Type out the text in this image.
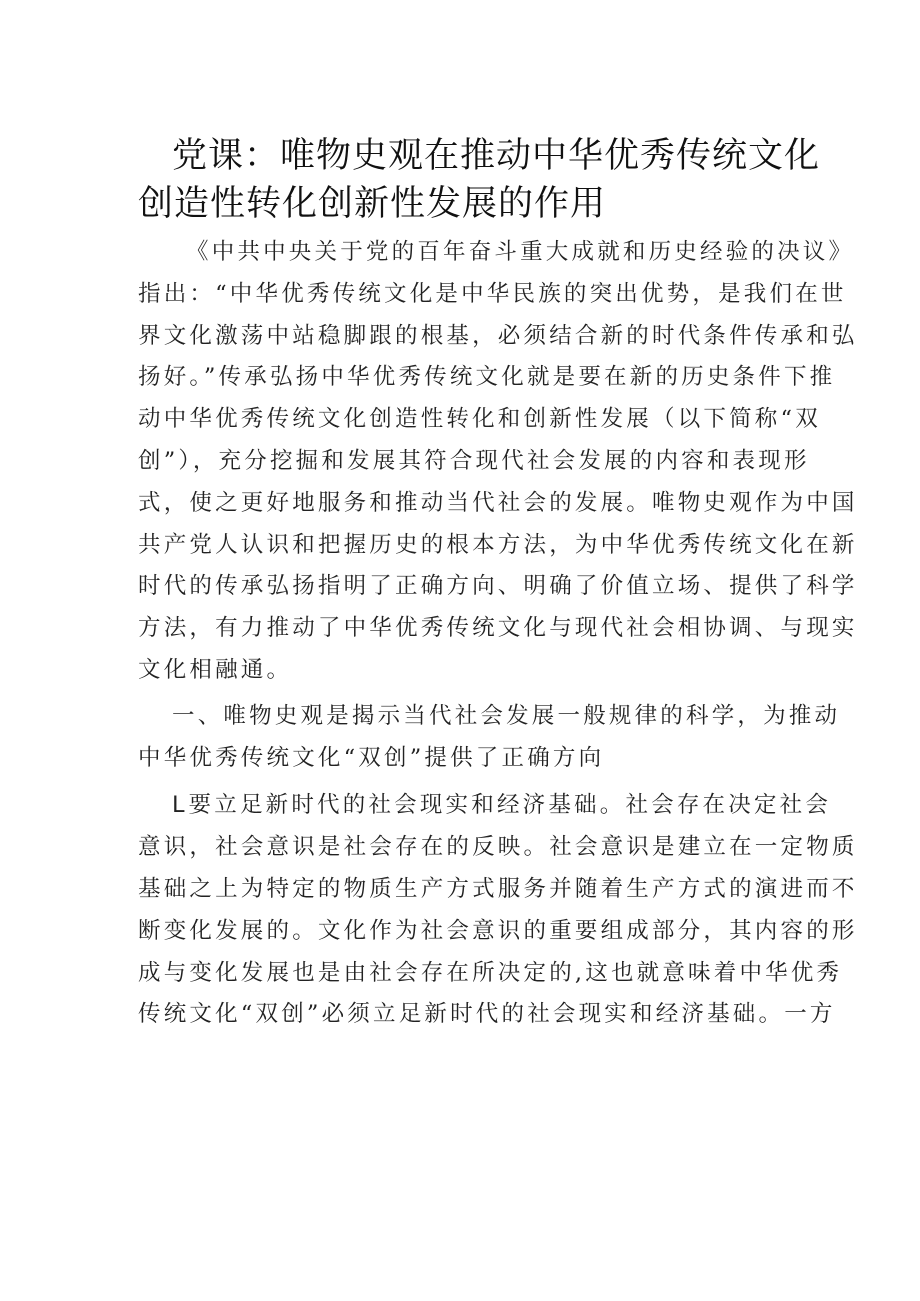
党课：唯物史观在推动中华优秀传统文化
创造性转化创新性发展的作用

《中共中央关于党的百年奋斗重大成就和历史经验的决议》
指出：“中华优秀传统文化是中华民族的突出优势，是我们在世
界文化激荡中站稳脚跟的根基，必须结合新的时代条件传承和弘
扬好。”传承弘扬中华优秀传统文化就是要在新的历史条件下推
动中华优秀传统文化创造性转化和创新性发展（以下简称“双
创”），充分挖掘和发展其符合现代社会发展的内容和表现形
式，使之更好地服务和推动当代社会的发展。唯物史观作为中国
共产党人认识和把握历史的根本方法，为中华优秀传统文化在新
时代的传承弘扬指明了正确方向、明确了价值立场、提供了科学
方法，有力推动了中华优秀传统文化与现代社会相协调、与现实
文化相融通。

一、唯物史观是揭示当代社会发展一般规律的科学，为推动
中华优秀传统文化“双创”提供了正确方向

L要立足新时代的社会现实和经济基础。社会存在决定社会
意识，社会意识是社会存在的反映。社会意识是建立在一定物质
基础之上为特定的物质生产方式服务并随着生产方式的演进而不
断变化发展的。文化作为社会意识的重要组成部分，其内容的形
成与变化发展也是由社会存在所决定的,这也就意味着中华优秀
传统文化“双创”必须立足新时代的社会现实和经济基础。一方
